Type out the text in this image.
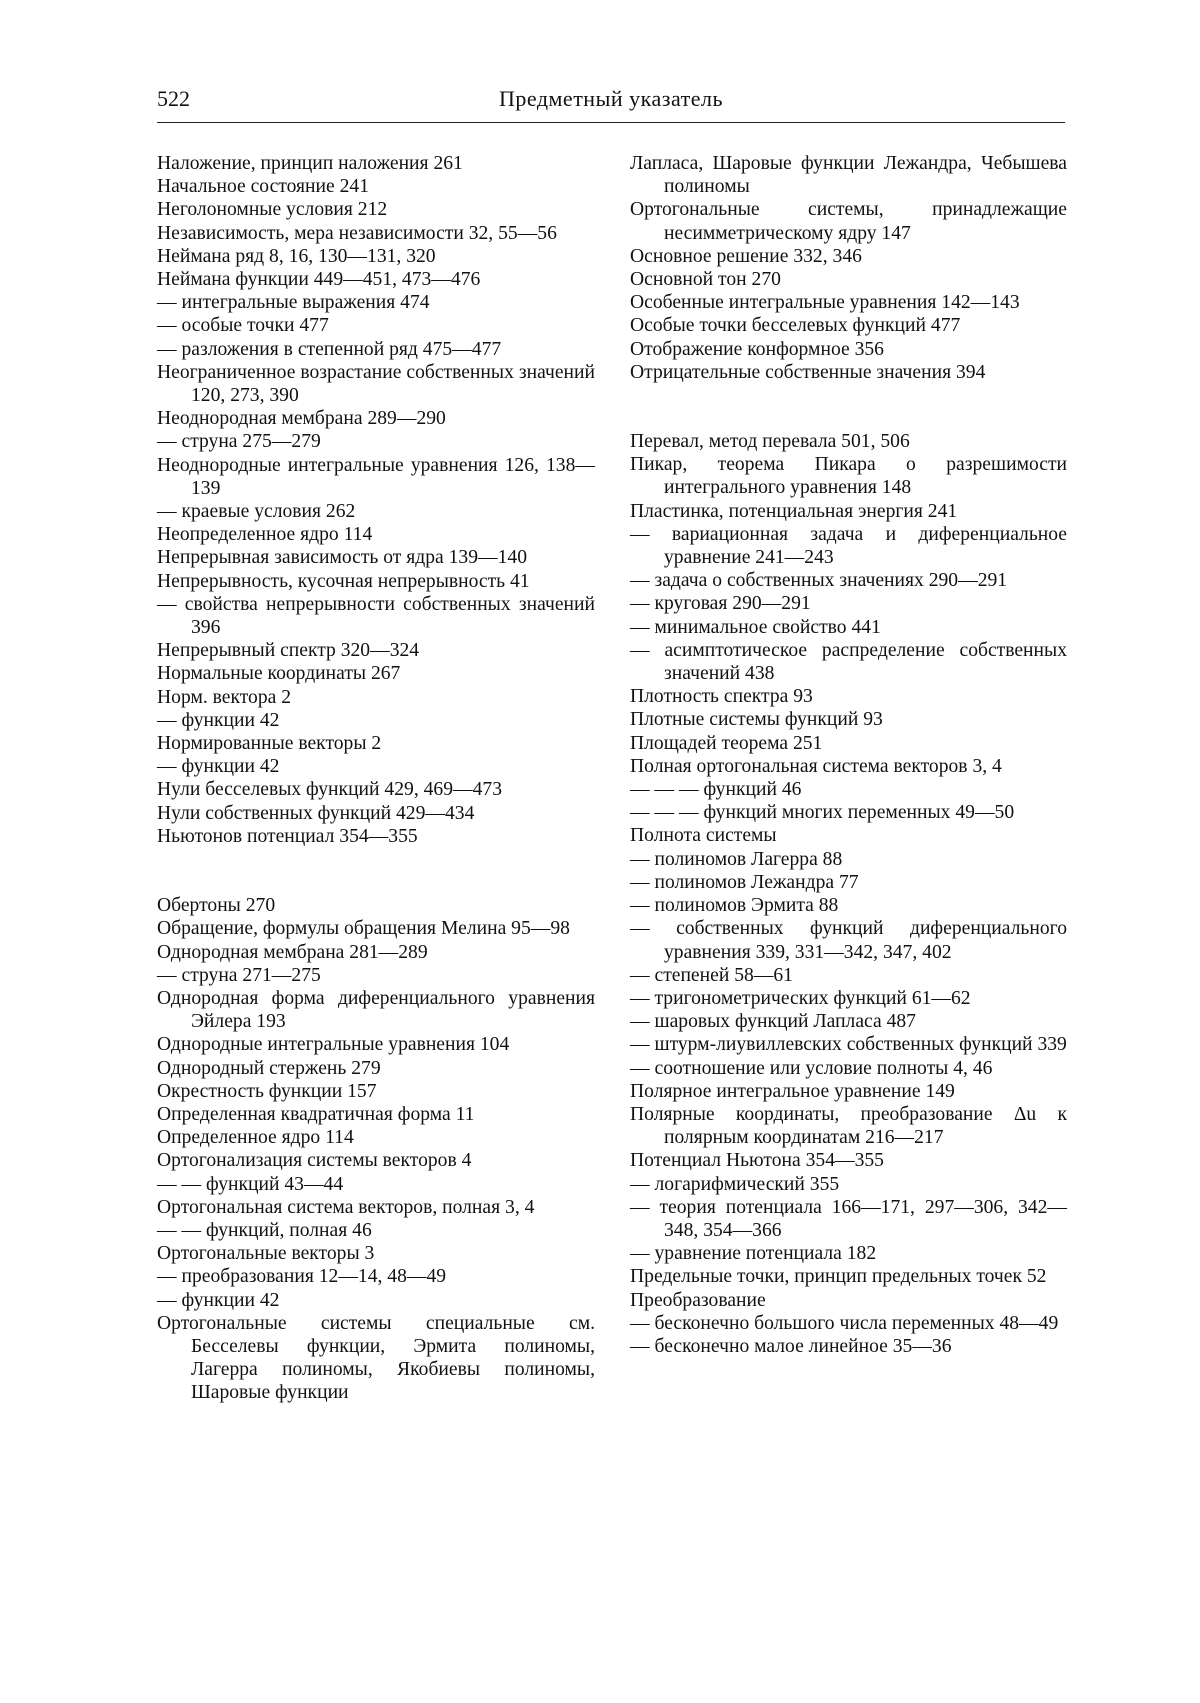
522	Предметный указатель
Наложение, принцип наложения 261
Начальное состояние 241
Неголономные условия 212
Независимость, мера независимости 32, 55—56
Неймана ряд 8, 16, 130—131, 320
Неймана функции 449—451, 473—476
— интегральные выражения 474
— особые точки 477
— разложения в степенной ряд 475—477
Неограниченное возрастание собственных значений 120, 273, 390
Неоднородная мембрана 289—290
— струна 275—279
Неоднородные интегральные уравнения 126, 138—139
— краевые условия 262
Неопределенное ядро 114
Непрерывная зависимость от ядра 139—140
Непрерывность, кусочная непрерывность 41
— свойства непрерывности собственных значений 396
Непрерывный спектр 320—324
Нормальные координаты 267
Норм. вектора 2
— функции 42
Нормированные векторы 2
— функции 42
Нули бесселевых функций 429, 469—473
Нули собственных функций 429—434
Ньютонов потенциал 354—355
Обертоны 270
Обращение, формулы обращения Мелина 95—98
Однородная мембрана 281—289
— струна 271—275
Однородная форма диференциального уравнения Эйлера 193
Однородные интегральные уравнения 104
Однородный стержень 279
Окрестность функции 157
Определенная квадратичная форма 11
Определенное ядро 114
Ортогонализация системы векторов 4
— — функций 43—44
Ортогональная система векторов, полная 3, 4
— — функций, полная 46
Ортогональные векторы 3
— преобразования 12—14, 48—49
— функции 42
Ортогональные системы специальные см. Бесселевы функции, Эрмита полиномы, Лагерра полиномы, Якобиевы полиномы, Шаровые функции
Лапласа, Шаровые функции Лежандра, Чебышева полиномы
Ортогональные системы, принадлежащие несимметрическому ядру 147
Основное решение 332, 346
Основной тон 270
Особенные интегральные уравнения 142—143
Особые точки бесселевых функций 477
Отображение конформное 356
Отрицательные собственные значения 394
Перевал, метод перевала 501, 506
Пикар, теорема Пикара о разрешимости интегрального уравнения 148
Пластинка, потенциальная энергия 241
— вариационная задача и диференциальное уравнение 241—243
— задача о собственных значениях 290—291
— круговая 290—291
— минимальное свойство 441
— асимптотическое распределение собственных значений 438
Плотность спектра 93
Плотные системы функций 93
Площадей теорема 251
Полная ортогональная система векторов 3, 4
— — — функций 46
— — — функций многих переменных 49—50
Полнота системы
— полиномов Лагерра 88
— полиномов Лежандра 77
— полиномов Эрмита 88
— собственных функций диференциального уравнения 339, 331—342, 347, 402
— степеней 58—61
— тригонометрических функций 61—62
— шаровых функций Лапласа 487
— штурм-лиувиллевских собственных функций 339
— соотношение или условие полноты 4, 46
Полярное интегральное уравнение 149
Полярные координаты, преобразование Δu к полярным координатам 216—217
Потенциал Ньютона 354—355
— логарифмический 355
— теория потенциала 166—171, 297—306, 342—348, 354—366
— уравнение потенциала 182
Предельные точки, принцип предельных точек 52
Преобразование
— бесконечно большого числа переменных 48—49
— бесконечно малое линейное 35—36
